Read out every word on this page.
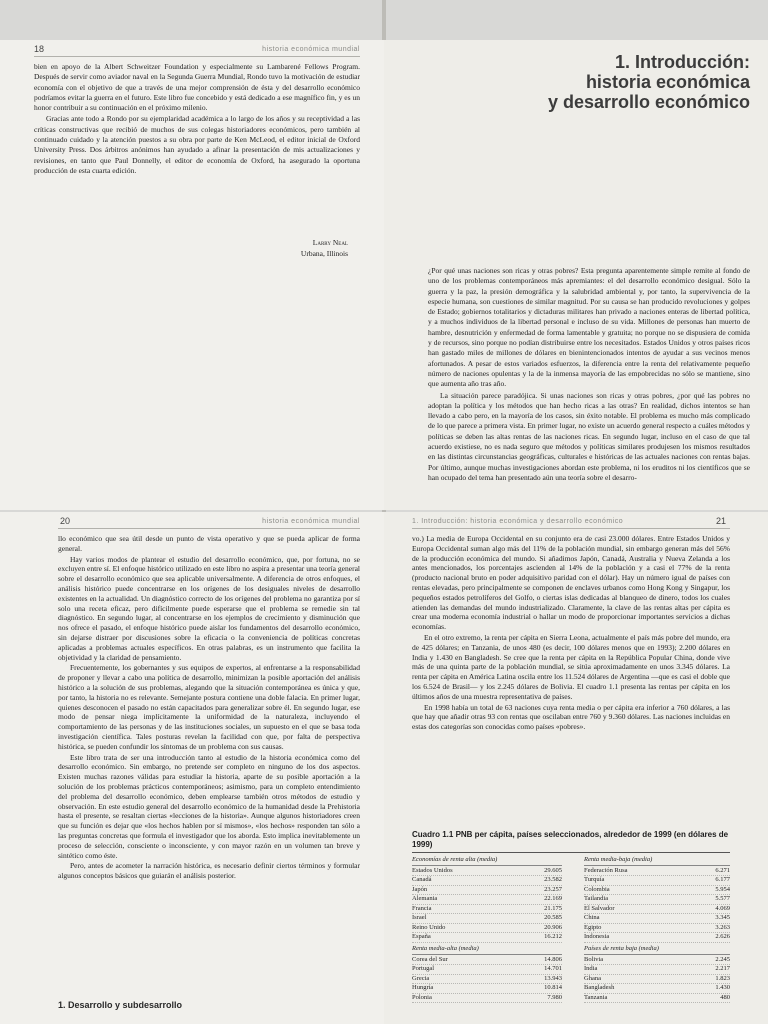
18	historia económica mundial

bien en apoyo de la Albert Schweitzer Foundation y especialmente su Lambarené Fellows Program. Después de servir como aviador naval en la Segunda Guerra Mundial, Rondo tuvo la motivación de estudiar economía con el objetivo de que a través de una mejor comprensión de ésta y del desarrollo económico podríamos evitar la guerra en el futuro. Este libro fue concebido y está dedicado a ese magnífico fin, y es un honor contribuir a su continuación en el próximo milenio.

Gracias ante todo a Rondo por su ejemplaridad académica a lo largo de los años y su receptividad a las críticas constructivas que recibió de muchos de sus colegas historiadores económicos, pero también al continuado cuidado y la atención puestos a su obra por parte de Ken McLeod, el editor inicial de Oxford University Press. Dos árbitros anónimos han ayudado a afinar la presentación de mis actualizaciones y revisiones, en tanto que Paul Donnelly, el editor de economía de Oxford, ha asegurado la oportuna producción de esta cuarta edición.

Larry Neal
Urbana, Illinois
1. Introducción:
historia económica
y desarrollo económico

¿Por qué unas naciones son ricas y otras pobres? Esta pregunta aparentemente simple remite al fondo de uno de los problemas contemporáneos más apremiantes: el del desarrollo económico desigual. Sólo la guerra y la paz, la presión demográfica y la salubridad ambiental y, por tanto, la supervivencia de la especie humana, son cuestiones de similar magnitud. Por su causa se han producido revoluciones y golpes de Estado; gobiernos totalitarios y dictaduras militares han privado a naciones enteras de libertad política, y a muchos individuos de la libertad personal e incluso de su vida. Millones de personas han muerto de hambre, desnutrición y enfermedad de forma lamentable y gratuita; no porque no se dispusiera de comida y de recursos, sino porque no podían distribuirse entre los necesitados. Estados Unidos y otros países ricos han gastado miles de millones de dólares en bienintencionados intentos de ayudar a sus vecinos menos afortunados. A pesar de estos variados esfuerzos, la diferencia entre la renta del relativamente pequeño número de naciones opulentas y la de la inmensa mayoría de las empobrecidas no sólo se mantiene, sino que aumenta año tras año.

La situación parece paradójica. Si unas naciones son ricas y otras pobres, ¿por qué las pobres no adoptan la política y los métodos que han hecho ricas a las otras? En realidad, dichos intentos se han llevado a cabo pero, en la mayoría de los casos, sin éxito notable. El problema es mucho más complicado de lo que parece a primera vista. En primer lugar, no existe un acuerdo general respecto a cuáles métodos y políticas se deben las altas rentas de las naciones ricas. En segundo lugar, incluso en el caso de que tal acuerdo existiese, no es nada seguro que métodos y políticas similares produjesen los mismos resultados en las distintas circunstancias geográficas, culturales e históricas de las actuales naciones con rentas bajas. Por último, aunque muchas investigaciones abordan este problema, ni los eruditos ni los científicos que se han ocupado del tema han presentado aún una teoría sobre el desarro-

20	historia económica mundial

llo económico que sea útil desde un punto de vista operativo y que se pueda aplicar de forma general.

Hay varios modos de plantear el estudio del desarrollo económico, que, por fortuna, no se excluyen entre sí. El enfoque histórico utilizado en este libro no aspira a presentar una teoría general sobre el desarrollo económico que sea aplicable universalmente. A diferencia de otros enfoques, el análisis histórico puede concentrarse en los orígenes de los desiguales niveles de desarrollo existentes en la actualidad. Un diagnóstico correcto de los orígenes del problema no garantiza por sí solo una receta eficaz, pero difícilmente puede esperarse que el problema se remedie sin tal diagnóstico. En segundo lugar, al concentrarse en los ejemplos de crecimiento y disminución que nos ofrece el pasado, el enfoque histórico puede aislar los fundamentos del desarrollo económico, sin dejarse distraer por discusiones sobre la eficacia o la conveniencia de políticas concretas aplicadas a problemas actuales específicos. En otras palabras, es un instrumento que facilita la objetividad y la claridad de pensamiento.

Frecuentemente, los gobernantes y sus equipos de expertos, al enfrentarse a la responsabilidad de proponer y llevar a cabo una política de desarrollo, minimizan la posible aportación del análisis histórico a la solución de sus problemas, alegando que la situación contemporánea es única y que, por tanto, la historia no es relevante. Semejante postura contiene una doble falacia. En primer lugar, quienes desconocen el pasado no están capacitados para generalizar sobre él. En segundo lugar, ese modo de pensar niega implícitamente la uniformidad de la naturaleza, incluyendo el comportamiento de las personas y de las instituciones sociales, un supuesto en el que se basa toda investigación científica. Tales posturas revelan la facilidad con que, por falta de perspectiva histórica, se pueden confundir los síntomas de un problema con sus causas.

Este libro trata de ser una introducción tanto al estudio de la historia económica como del desarrollo económico. Sin embargo, no pretende ser completo en ninguno de los dos aspectos. Existen muchas razones válidas para estudiar la historia, aparte de su posible aportación a la solución de los problemas prácticos contemporáneos; asimismo, para un completo entendimiento del problema del desarrollo económico, deben emplearse también otros métodos de estudio y observación. En este estudio general del desarrollo económico de la humanidad desde la Prehistoria hasta el presente, se resaltan ciertas «lecciones de la historia». Aunque algunos historiadores creen que su función es dejar que «los hechos hablen por sí mismos», «los hechos» responden tan sólo a las preguntas concretas que formula el investigador que los aborda. Esto implica inevitablemente un proceso de selección, consciente o inconsciente, y con mayor razón en un volumen tan breve y sintético como éste.

Pero, antes de acometer la narración histórica, es necesario definir ciertos términos y formular algunos conceptos básicos que guiarán el análisis posterior.

1. Desarrollo y subdesarrollo
1. Introducción: historia económica y desarrollo económico	21

vo.) La media de Europa Occidental en su conjunto era de casi 23.000 dólares. Entre Estados Unidos y Europa Occidental suman algo más del 11% de la población mundial, sin embargo generan más del 56% de la producción económica del mundo. Si añadimos Japón, Canadá, Australia y Nueva Zelanda a los antes mencionados, los porcentajes ascienden al 14% de la población y a casi el 77% de la renta (producto nacional bruto en poder adquisitivo paridad con el dólar). Hay un número igual de países con rentas elevadas, pero principalmente se componen de enclaves urbanos como Hong Kong y Singapur, los pequeños estados petrolíferos del Golfo, o ciertas islas dedicadas al blanqueo de dinero, todos los cuales atienden las demandas del mundo industrializado. Claramente, la clave de las rentas altas per cápita es crear una moderna economía industrial o hallar un modo de proporcionar importantes servicios a dichas economías.

En el otro extremo, la renta per cápita en Sierra Leona, actualmente el país más pobre del mundo, era de 425 dólares; en Tanzania, de unos 480 (es decir, 100 dólares menos que en 1993); 2.200 dólares en India y 1.430 en Bangladesh. Se cree que la renta per cápita en la República Popular China, donde vive más de una quinta parte de la población mundial, se sitúa aproximadamente en unos 3.345 dólares. La renta per cápita en América Latina oscila entre los 11.524 dólares de Argentina —que es casi el doble que los 6.524 de Brasil— y los 2.245 dólares de Bolivia. El cuadro 1.1 presenta las rentas per cápita en los últimos años de una muestra representativa de países.

En 1998 había un total de 63 naciones cuya renta media o per cápita era inferior a 760 dólares, a las que hay que añadir otras 93 con rentas que oscilaban entre 760 y 9.360 dólares. Las naciones incluidas en estas dos categorías son conocidas como países «pobres».

Cuadro 1.1 PNB per cápita, países seleccionados, alrededor de 1999 (en dólares de 1999)
Economías de renta alta (media)
Estados Unidos	29.605
Canadá	23.582
Japón	23.257
Alemania	22.169
Francia	21.175
Israel	20.585
Reino Unido	20.906
España	16.212
Renta media-baja (media)
Federación Rusa	6.271
Turquía	6.177
Colombia	5.954
Tailandia	5.577
El Salvador	4.069
China	3.345
Egipto	3.263
Indonesia	2.626
Renta media-alta (media)
Corea del Sur	14.806
Portugal	14.701
Grecia	13.943
Hungría	10.814
Polonia	7.980
Países de renta baja (media)
Bolivia	2.245
India	2.217
Ghana	1.823
Bangladesh	1.430
Tanzania	480
